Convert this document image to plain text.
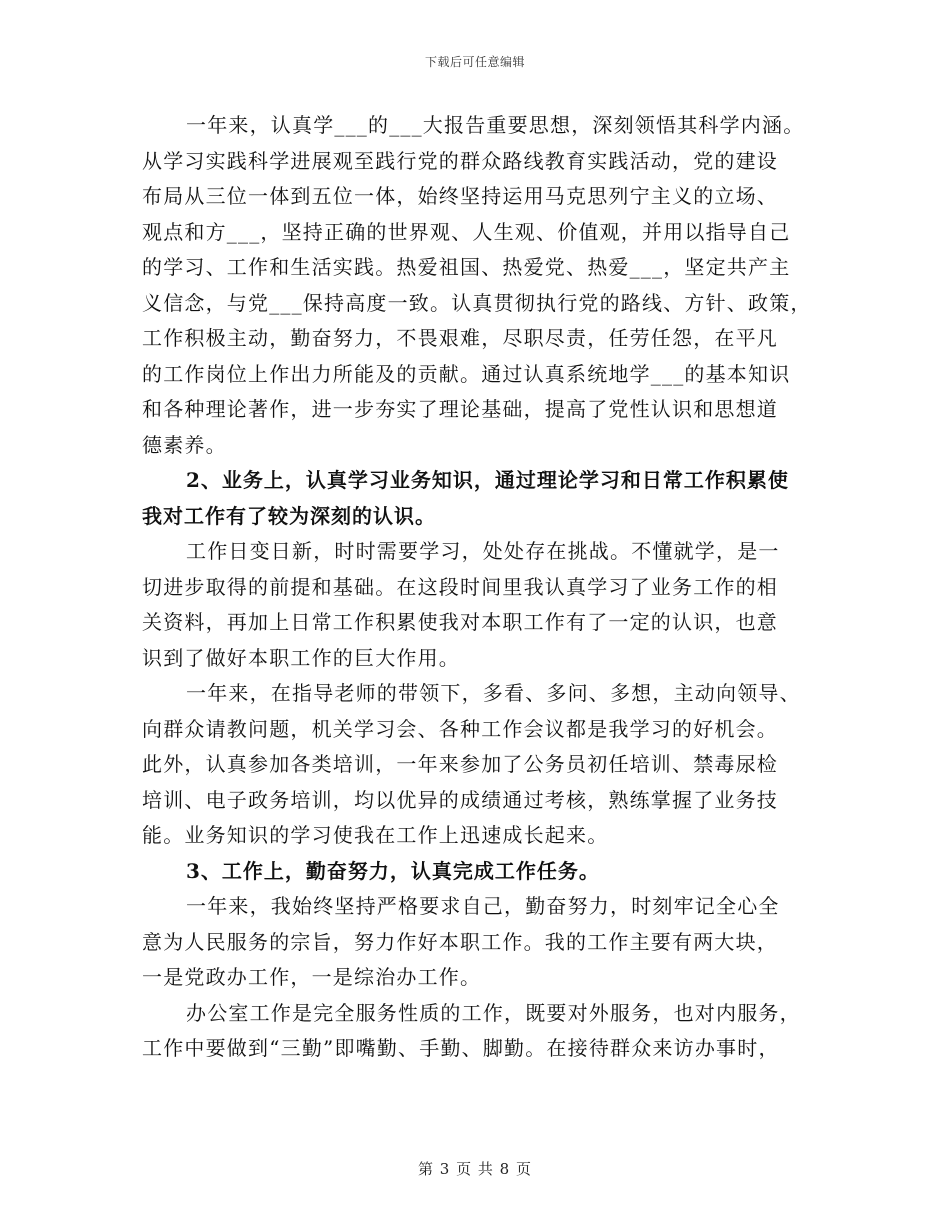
下载后可任意编辑

一年来，认真学___的___大报告重要思想，深刻领悟其科学内涵。
从学习实践科学进展观至践行党的群众路线教育实践活动，党的建设
布局从三位一体到五位一体，始终坚持运用马克思列宁主义的立场、
观点和方___，坚持正确的世界观、人生观、价值观，并用以指导自己
的学习、工作和生活实践。热爱祖国、热爱党、热爱___，坚定共产主
义信念，与党___保持高度一致。认真贯彻执行党的路线、方针、政策，
工作积极主动，勤奋努力，不畏艰难，尽职尽责，任劳任怨，在平凡
的工作岗位上作出力所能及的贡献。通过认真系统地学___的基本知识
和各种理论著作，进一步夯实了理论基础，提高了党性认识和思想道
德素养。

2、业务上，认真学习业务知识，通过理论学习和日常工作积累使
我对工作有了较为深刻的认识。

工作日变日新，时时需要学习，处处存在挑战。不懂就学，是一
切进步取得的前提和基础。在这段时间里我认真学习了业务工作的相
关资料，再加上日常工作积累使我对本职工作有了一定的认识，也意
识到了做好本职工作的巨大作用。

一年来，在指导老师的带领下，多看、多问、多想，主动向领导、
向群众请教问题，机关学习会、各种工作会议都是我学习的好机会。
此外，认真参加各类培训，一年来参加了公务员初任培训、禁毒尿检
培训、电子政务培训，均以优异的成绩通过考核，熟练掌握了业务技
能。业务知识的学习使我在工作上迅速成长起来。

3、工作上，勤奋努力，认真完成工作任务。

一年来，我始终坚持严格要求自己，勤奋努力，时刻牢记全心全
意为人民服务的宗旨，努力作好本职工作。我的工作主要有两大块，
一是党政办工作，一是综治办工作。

办公室工作是完全服务性质的工作，既要对外服务，也对内服务，
工作中要做到“三勤”即嘴勤、手勤、脚勤。在接待群众来访办事时，

第 3 页 共 8 页
